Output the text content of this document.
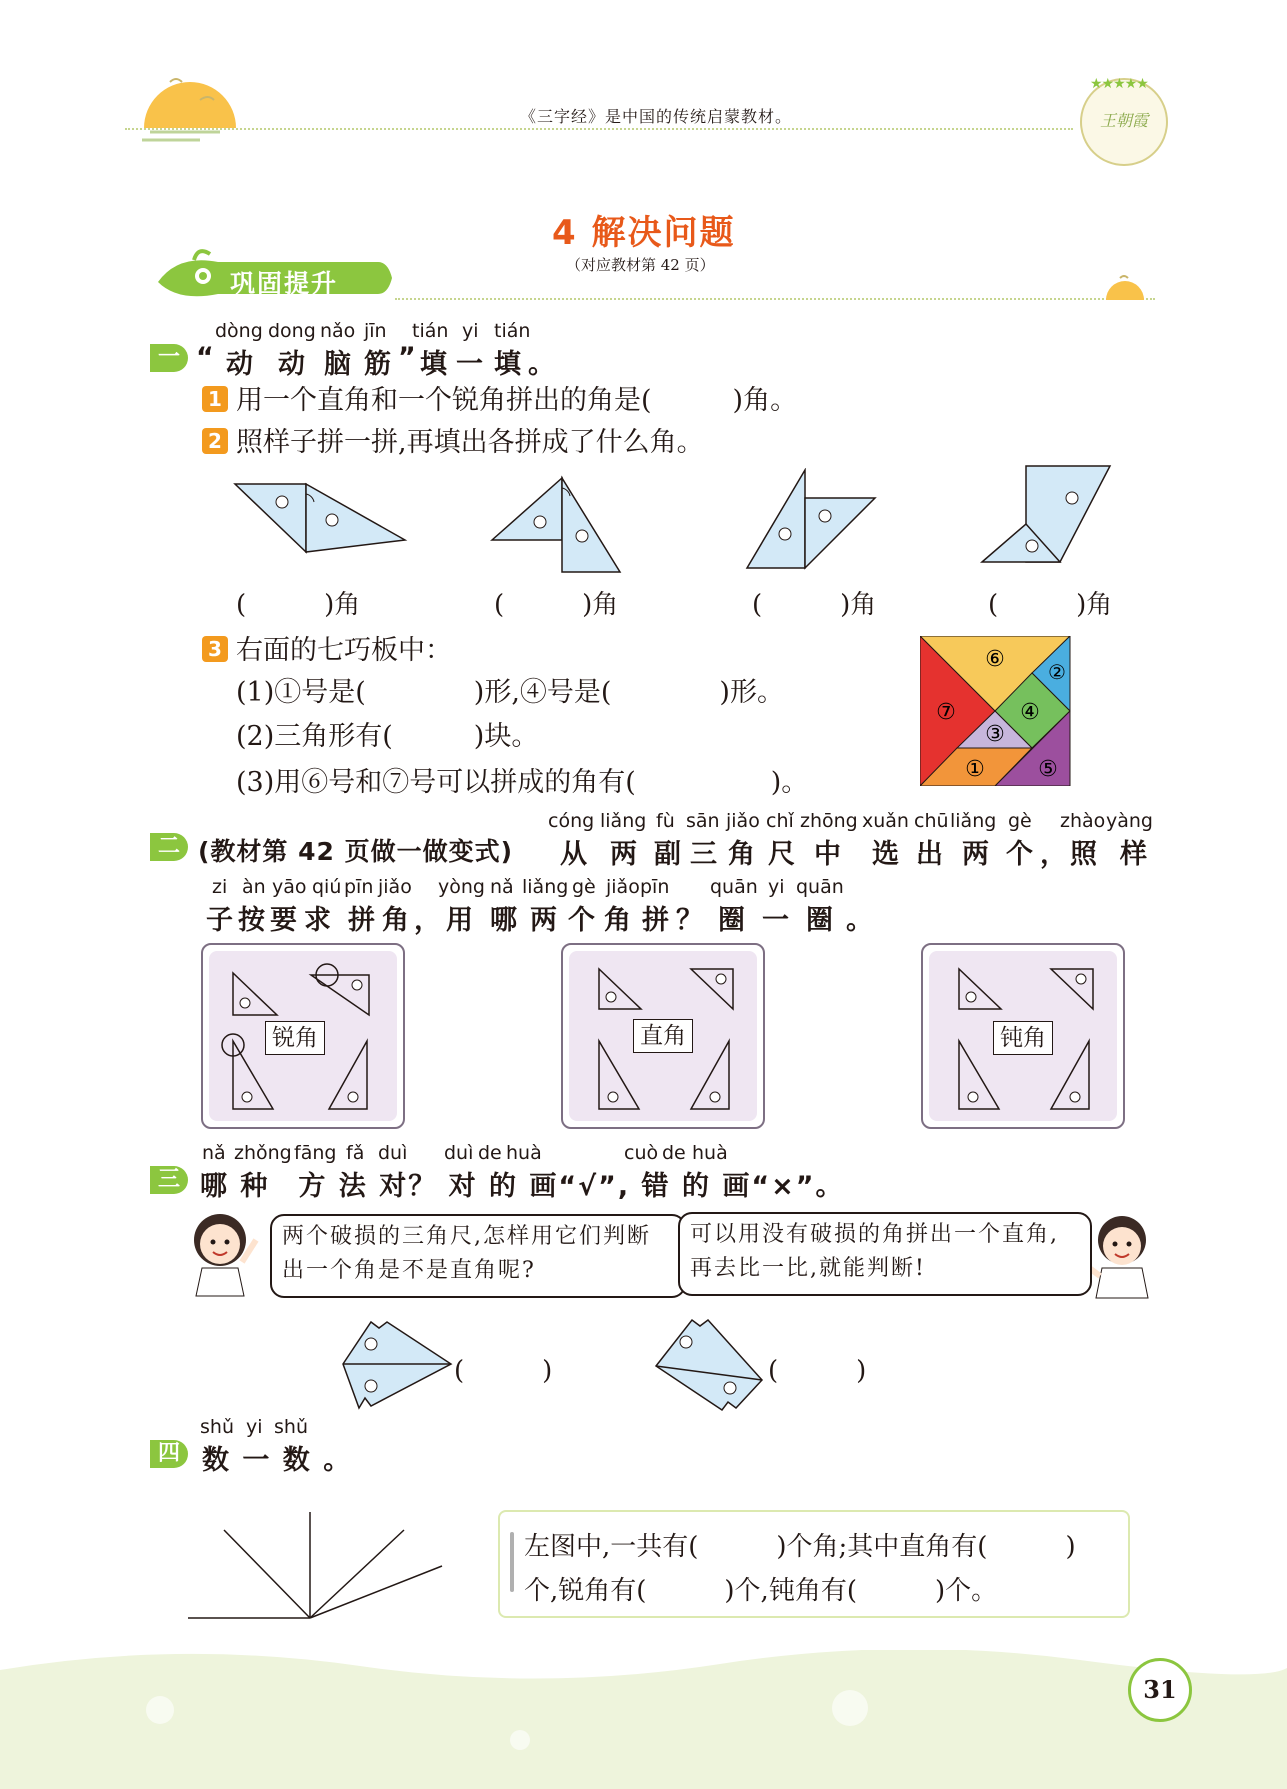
《三字经》是中国的传统启蒙教材。
★★★★★
王朝霞
4 解决问题
（对应教材第 42 页）
巩固提升
一
dòng dong nǎo jīn tián yi tián
“ 动 动 脑 筋 ” 填 一 填 。
1 用一个直角和一个锐角拼出的角是(　　　)角。
2 照样子拼一拼,再填出各拼成了什么角。
(　　　)角	(　　　)角	(　　　)角	(　　　)角
3 右面的七巧板中：
(1)①号是(　　　　)形,④号是(　　　　)形。
(2)三角形有(　　　)块。
(3)用⑥号和⑦号可以拼成的角有(　　　　　)。
⑥ ②
④
⑦
③
① ⑤
二 (教材第 42 页做一做变式)
cóng liǎng fù sān jiǎo chǐ zhōng xuǎn chū liǎng gè zhào yàng
从 两 副 三 角 尺 中 选 出 两 个 ， 照 样
zi àn yāo qiú pīn jiǎo yòng nǎ liǎng gè jiǎo pīn quān yi quān
子 按 要 求 拼 角 ， 用 哪 两 个 角 拼 ？ 圈 一 圈 。
锐角	直角	钝角
三
nǎ zhǒng fāng fǎ duì duì de huà	cuò de huà
哪 种　方 法 对？ 对 的 画“√”, 错 的 画“×”。
两个破损的三角尺,怎样用它们判断出一个角是不是直角呢?
可以用没有破损的角拼出一个直角,再去比一比,就能判断!
(　　　)	(　　　)
四
shǔ yi shǔ
数 一 数 。
左图中,一共有(　　　)个角;其中直角有(　　　)
个,锐角有(　　　)个,钝角有(　　　)个。
31
